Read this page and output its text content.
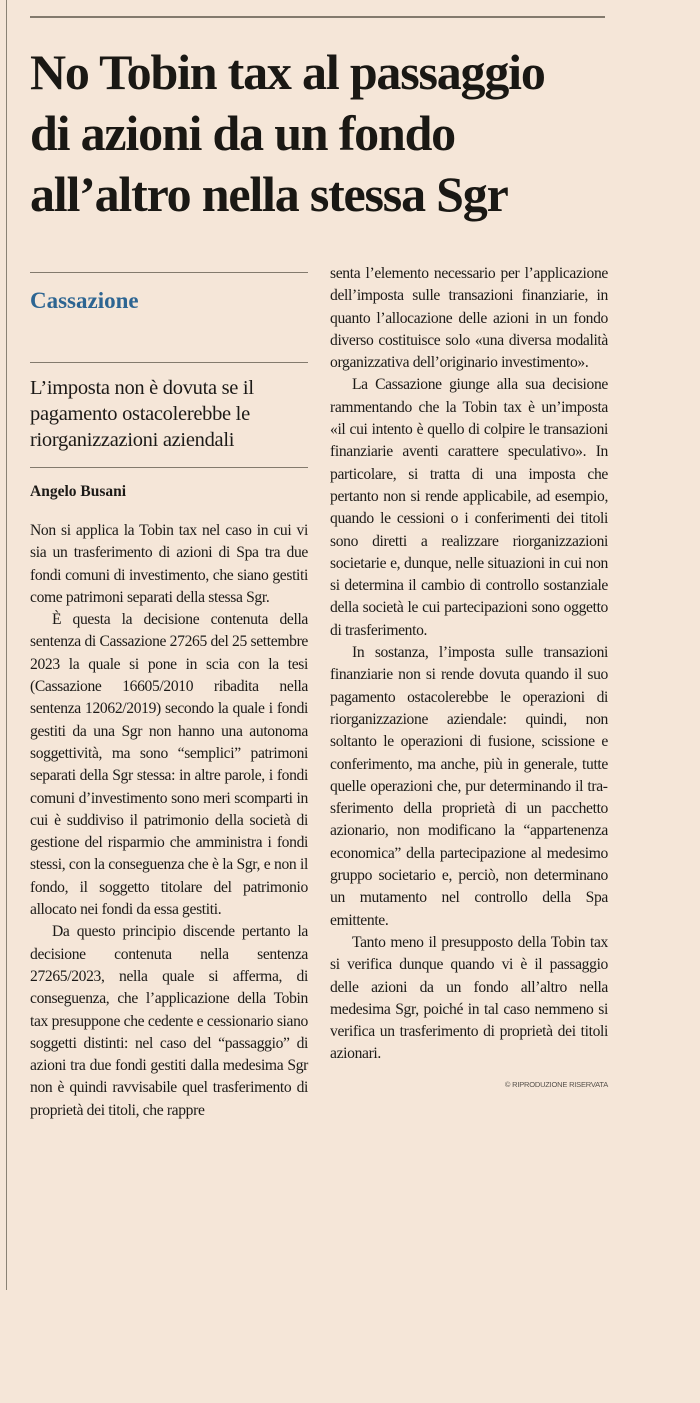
No Tobin tax al passaggio
di azioni da un fondo
all’altro nella stessa Sgr
Cassazione
L’imposta non è dovuta se il pagamento ostacolerebbe le riorganizzazioni aziendali
Angelo Busani

Non si applica la Tobin tax nel caso in cui vi sia un trasferimento di azioni di Spa tra due fondi comuni di investimento, che siano gestiti come patrimoni separati della stessa Sgr.

È questa la decisione contenuta della sentenza di Cassazione 27265 del 25 settembre 2023 la quale si pone in scia con la tesi (Cassazione 16605/2010 ribadita nella sentenza 12062/2019) secondo la quale i fondi gestiti da una Sgr non hanno una autonoma soggettività, ma sono “semplici” patrimoni separati della Sgr stessa: in altre parole, i fondi comuni d’investimento sono meri scomparti in cui è suddiviso il patrimonio della società di gestione del risparmio che amministra i fondi stessi, con la conseguenza che è la Sgr, e non il fondo, il soggetto titolare del patrimonio allocato nei fondi da essa gestiti.

Da questo principio discende pertanto la decisione contenuta nella sentenza 27265/2023, nella quale si afferma, di conseguenza, che l’applicazione della Tobin tax presuppone che cedente e cessionario siano soggetti distinti: nel caso del “passaggio” di azioni tra due fondi gestiti dalla medesima Sgr non è quindi ravvisabile quel trasferimento di proprietà dei titoli, che rappre

senta l’elemento necessario per l’applicazione dell’imposta sulle transazioni finanziarie, in quanto l’allocazione delle azioni in un fondo diverso costituisce solo «una diversa modalità organizzativa dell’originario investimento».

La Cassazione giunge alla sua decisione rammentando che la Tobin tax è un’imposta «il cui intento è quello di colpire le transazioni finanziarie aventi carattere speculativo». In particolare, si tratta di una imposta che pertanto non si rende applicabile, ad esempio, quando le cessioni o i conferimenti dei titoli sono diretti a realizzare riorganizzazioni societarie e, dunque, nelle situazioni in cui non si determina il cambio di controllo sostanziale della società le cui partecipazioni sono oggetto di trasferimento.

In sostanza, l’imposta sulle transazioni finanziarie non si rende dovuta quando il suo pagamento ostacolerebbe le operazioni di riorganizzazione aziendale: quindi, non soltanto le operazioni di fusione, scissione e conferimento, ma anche, più in generale, tutte quelle operazioni che, pur determinando il trasferimento della proprietà di un pacchetto azionario, non modificano la “appartenenza economica” della partecipazione al medesimo gruppo societario e, perciò, non determinano un mutamento nel controllo della Spa emittente.

Tanto meno il presupposto della Tobin tax si verifica dunque quando vi è il passaggio delle azioni da un fondo all’altro nella medesima Sgr, poiché in tal caso nemmeno si verifica un trasferimento di proprietà dei titoli azionari.

© RIPRODUZIONE RISERVATA
